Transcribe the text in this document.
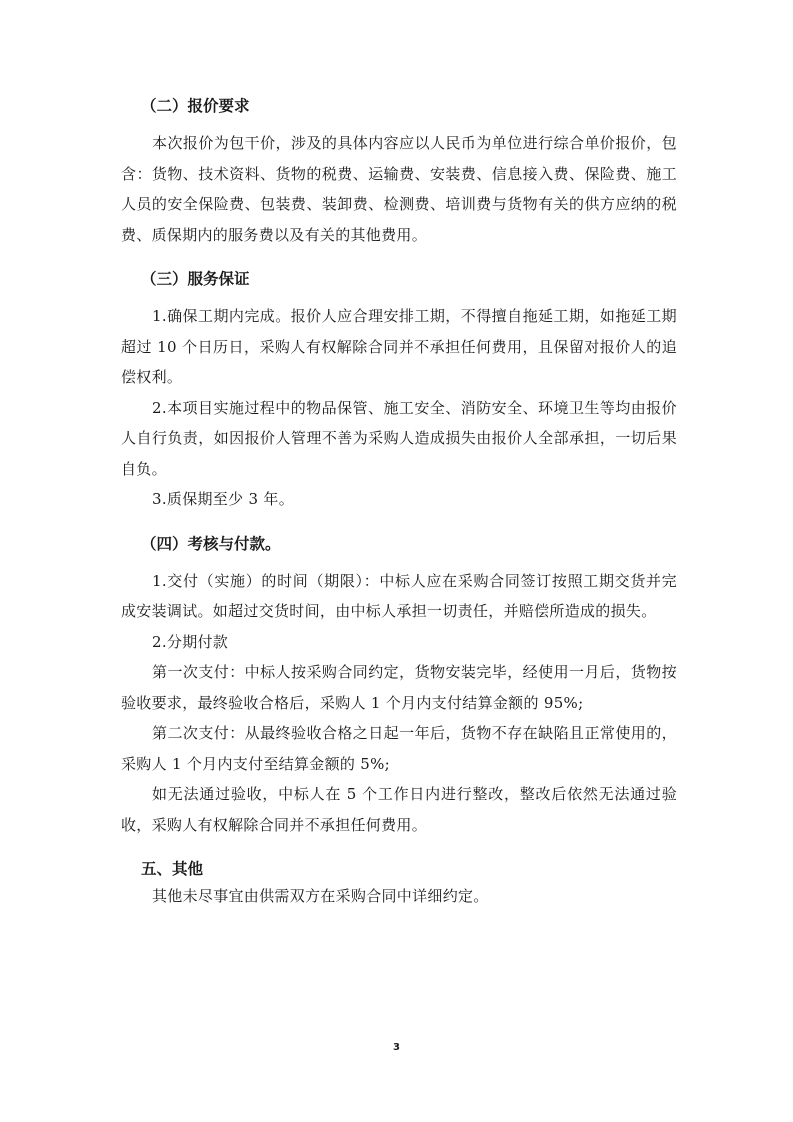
（二）报价要求

本次报价为包干价，涉及的具体内容应以人民币为单位进行综合单价报价，包含：货物、技术资料、货物的税费、运输费、安装费、信息接入费、保险费、施工人员的安全保险费、包装费、装卸费、检测费、培训费与货物有关的供方应纳的税费、质保期内的服务费以及有关的其他费用。

（三）服务保证

1.确保工期内完成。报价人应合理安排工期，不得擅自拖延工期，如拖延工期超过 10 个日历日，采购人有权解除合同并不承担任何费用，且保留对报价人的追偿权利。

2.本项目实施过程中的物品保管、施工安全、消防安全、环境卫生等均由报价人自行负责，如因报价人管理不善为采购人造成损失由报价人全部承担，一切后果自负。

3.质保期至少 3 年。

（四）考核与付款。

1.交付（实施）的时间（期限）：中标人应在采购合同签订按照工期交货并完成安装调试。如超过交货时间，由中标人承担一切责任，并赔偿所造成的损失。

2.分期付款

第一次支付：中标人按采购合同约定，货物安装完毕，经使用一月后，货物按验收要求，最终验收合格后，采购人 1 个月内支付结算金额的 95%;

第二次支付：从最终验收合格之日起一年后，货物不存在缺陷且正常使用的，采购人 1 个月内支付至结算金额的 5%;

如无法通过验收，中标人在 5 个工作日内进行整改，整改后依然无法通过验收，采购人有权解除合同并不承担任何费用。

五、其他

其他未尽事宜由供需双方在采购合同中详细约定。

3
